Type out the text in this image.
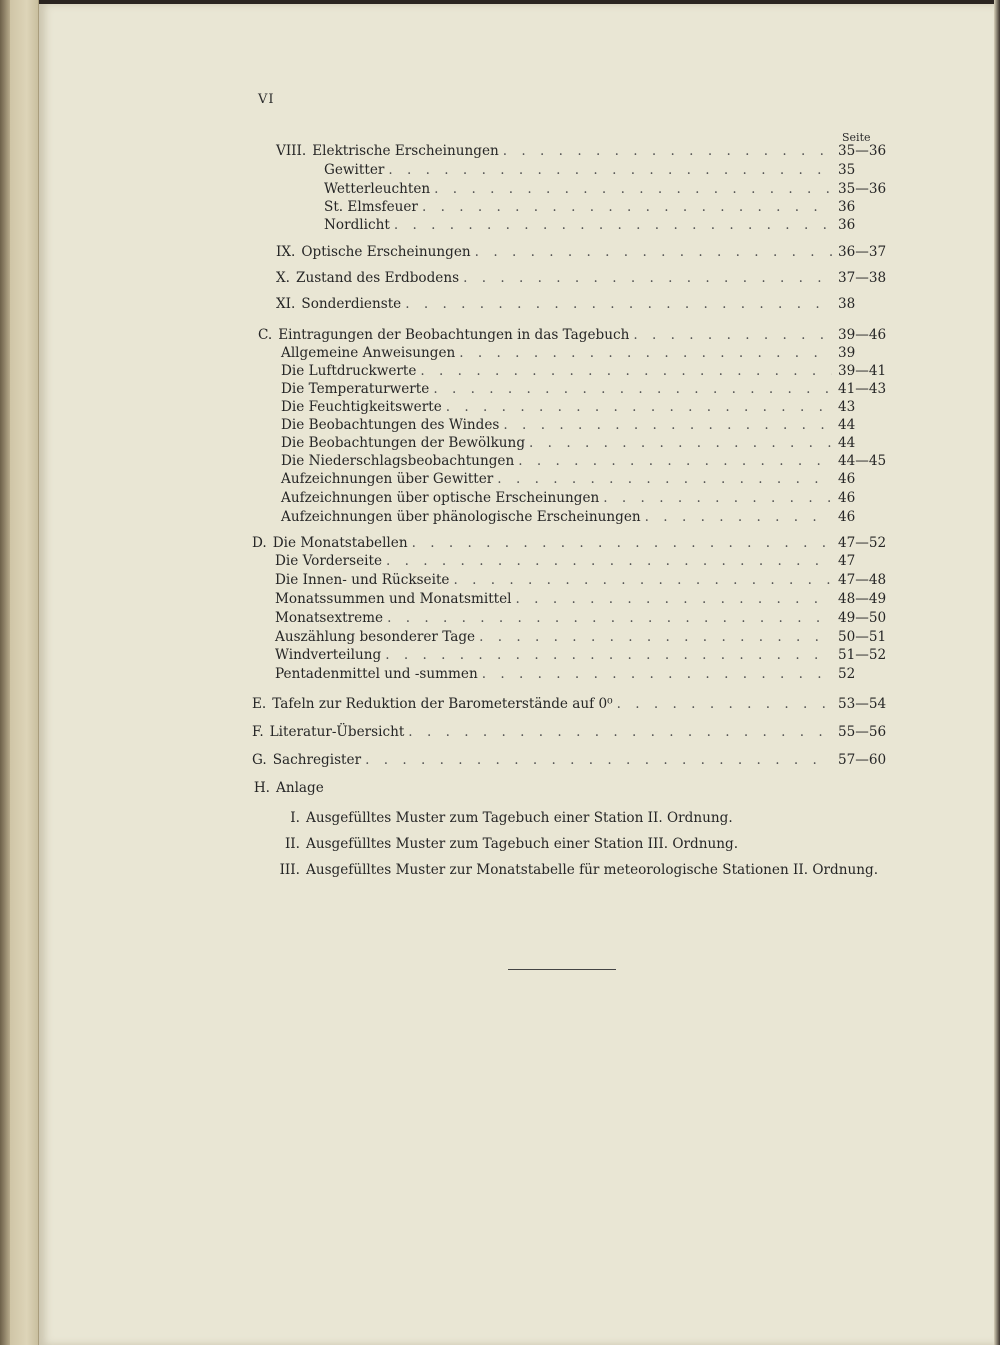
VI
Seite
VIII. Elektrische Erscheinungen . . .	35—36
Gewitter . . .	35
Wetterleuchten . . .	35—36
St. Elmsfeuer . . .	36
Nordlicht . . .	36
IX. Optische Erscheinungen . . .	36—37
X. Zustand des Erdbodens . . .	37—38
XI. Sonderdienste . . .	38
C. Eintragungen der Beobachtungen in das Tagebuch . . .	39—46
Allgemeine Anweisungen . . .	39
Die Luftdruckwerte . . .	39—41
Die Temperaturwerte . . .	41—43
Die Feuchtigkeitswerte . . .	43
Die Beobachtungen des Windes . . .	44
Die Beobachtungen der Bewölkung . . .	44
Die Niederschlagsbeobachtungen . . .	44—45
Aufzeichnungen über Gewitter . . .	46
Aufzeichnungen über optische Erscheinungen . . .	46
Aufzeichnungen über phänologische Erscheinungen . . .	46
D. Die Monatstabellen . . .	47—52
Die Vorderseite . . .	47
Die Innen- und Rückseite . . .	47—48
Monatssummen und Monatsmittel . . .	48—49
Monatsextreme . . .	49—50
Auszählung besonderer Tage . . .	50—51
Windverteilung . . .	51—52
Pentadenmittel und -summen . . .	52
E. Tafeln zur Reduktion der Barometerstände auf 0⁰ . . .	53—54
F. Literatur-Übersicht . . .	55—56
G. Sachregister . . .	57—60
H. Anlage
I. Ausgefülltes Muster zum Tagebuch einer Station II. Ordnung.
II. Ausgefülltes Muster zum Tagebuch einer Station III. Ordnung.
III. Ausgefülltes Muster zur Monatstabelle für meteorologische Stationen II. Ordnung.
